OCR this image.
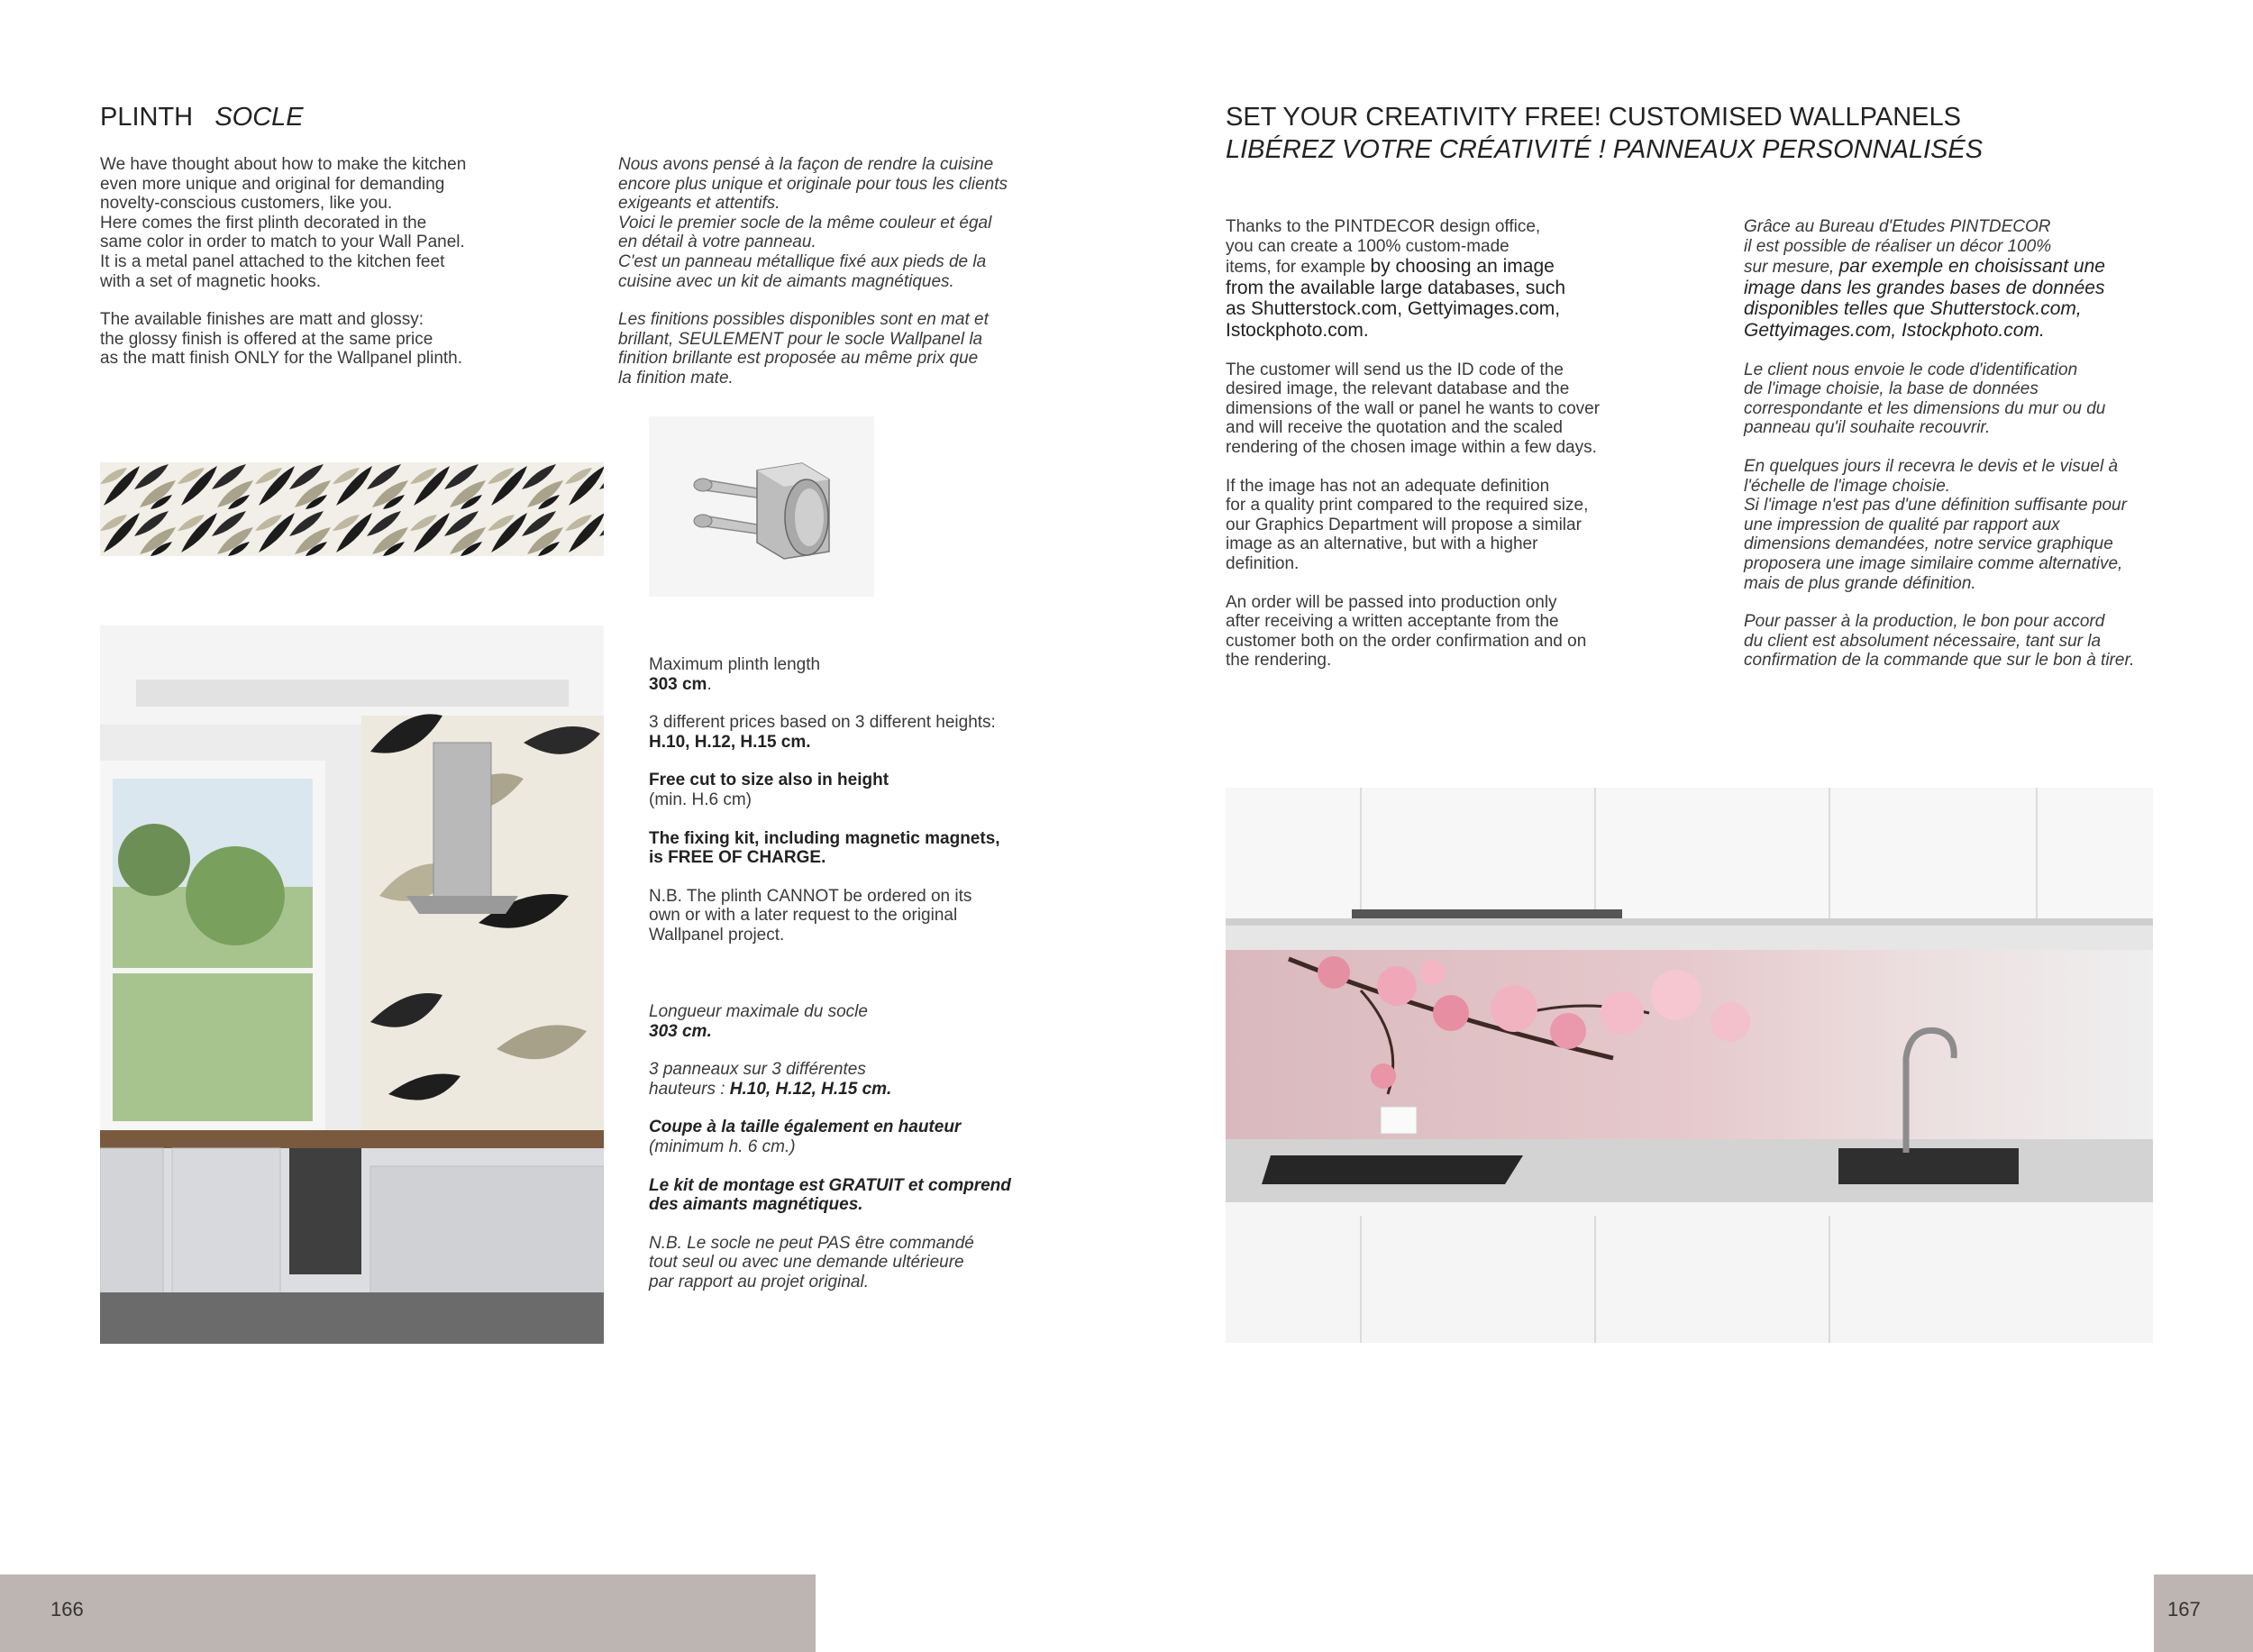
PLINTH SOCLE

We have thought about how to make the kitchen
even more unique and original for demanding
novelty-conscious customers, like you.
Here comes the first plinth decorated in the
same color in order to match to your Wall Panel.
It is a metal panel attached to the kitchen feet
with a set of magnetic hooks.

The available finishes are matt and glossy:
the glossy finish is offered at the same price
as the matt finish ONLY for the Wallpanel plinth.

Nous avons pensé à la façon de rendre la cuisine
encore plus unique et originale pour tous les clients
exigeants et attentifs.
Voici le premier socle de la même couleur et égal
en détail à votre panneau.
C'est un panneau métallique fixé aux pieds de la
cuisine avec un kit de aimants magnétiques.

Les finitions possibles disponibles sont en mat et
brillant, SEULEMENT pour le socle Wallpanel la
finition brillante est proposée au même prix que
la finition mate.

Maximum plinth length
303 cm.

3 different prices based on 3 different heights:
H.10, H.12, H.15 cm.

Free cut to size also in height
(min. H.6 cm)

The fixing kit, including magnetic magnets,
is FREE OF CHARGE.

N.B. The plinth CANNOT be ordered on its
own or with a later request to the original
Wallpanel project.

Longueur maximale du socle
303 cm.

3 panneaux sur 3 différentes
hauteurs : H.10, H.12, H.15 cm.

Coupe à la taille également en hauteur
(minimum h. 6 cm.)

Le kit de montage est GRATUIT et comprend
des aimants magnétiques.

N.B. Le socle ne peut PAS être commandé
tout seul ou avec une demande ultérieure
par rapport au projet original.

SET YOUR CREATIVITY FREE! CUSTOMISED WALLPANELS
LIBÉREZ VOTRE CRÉATIVITÉ ! PANNEAUX PERSONNALISÉS

Thanks to the PINTDECOR design office,
you can create a 100% custom-made
items, for example by choosing an image
from the available large databases, such
as Shutterstock.com, Gettyimages.com,
Istockphoto.com.

The customer will send us the ID code of the
desired image, the relevant database and the
dimensions of the wall or panel he wants to cover
and will receive the quotation and the scaled
rendering of the chosen image within a few days.

If the image has not an adequate definition
for a quality print compared to the required size,
our Graphics Department will propose a similar
image as an alternative, but with a higher
definition.

An order will be passed into production only
after receiving a written acceptante from the
customer both on the order confirmation and on
the rendering.

Grâce au Bureau d'Etudes PINTDECOR
il est possible de réaliser un décor 100%
sur mesure, par exemple en choisissant une
image dans les grandes bases de données
disponibles telles que Shutterstock.com,
Gettyimages.com, Istockphoto.com.

Le client nous envoie le code d'identification
de l'image choisie, la base de données
correspondante et les dimensions du mur ou du
panneau qu'il souhaite recouvrir.

En quelques jours il recevra le devis et le visuel à
l'échelle de l'image choisie.
Si l'image n'est pas d'une définition suffisante pour
une impression de qualité par rapport aux
dimensions demandées, notre service graphique
proposera une image similaire comme alternative,
mais de plus grande définition.

Pour passer à la production, le bon pour accord
du client est absolument nécessaire, tant sur la
confirmation de la commande que sur le bon à tirer.

166	167
